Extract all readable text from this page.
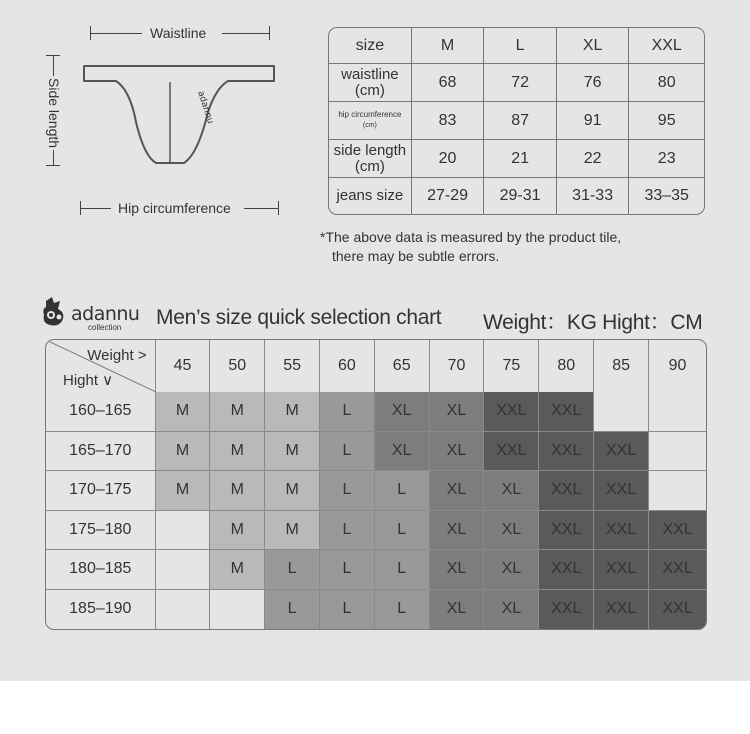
Waistline
Side length	adannu
Hip circumference
size	M	L	XL	XXL
waistline
(cm)	68	72	76	80
hip circumference
(cm)	83	87	91	95
side length
(cm)	20	21	22	23
jeans size	27-29	29-31	31-33	33–35
*The above data is measured by the product tile,
there may be subtle errors.
adannu
collection Men’s size quick selection chart Weight：KG Hight：CM
Weight >
Hight ∨	45	50	55	60	65	70	75	80	85	90
160–165	M	M	M	L	XL	XL	XXL	XXL		
165–170	M	M	M	L	XL	XL	XXL	XXL	XXL	
170–175	M	M	M	L	L	XL	XL	XXL	XXL	
175–180		M	M	L	L	XL	XL	XXL	XXL	XXL
180–185		M	L	L	L	XL	XL	XXL	XXL	XXL
185–190			L	L	L	XL	XL	XXL	XXL	XXL
